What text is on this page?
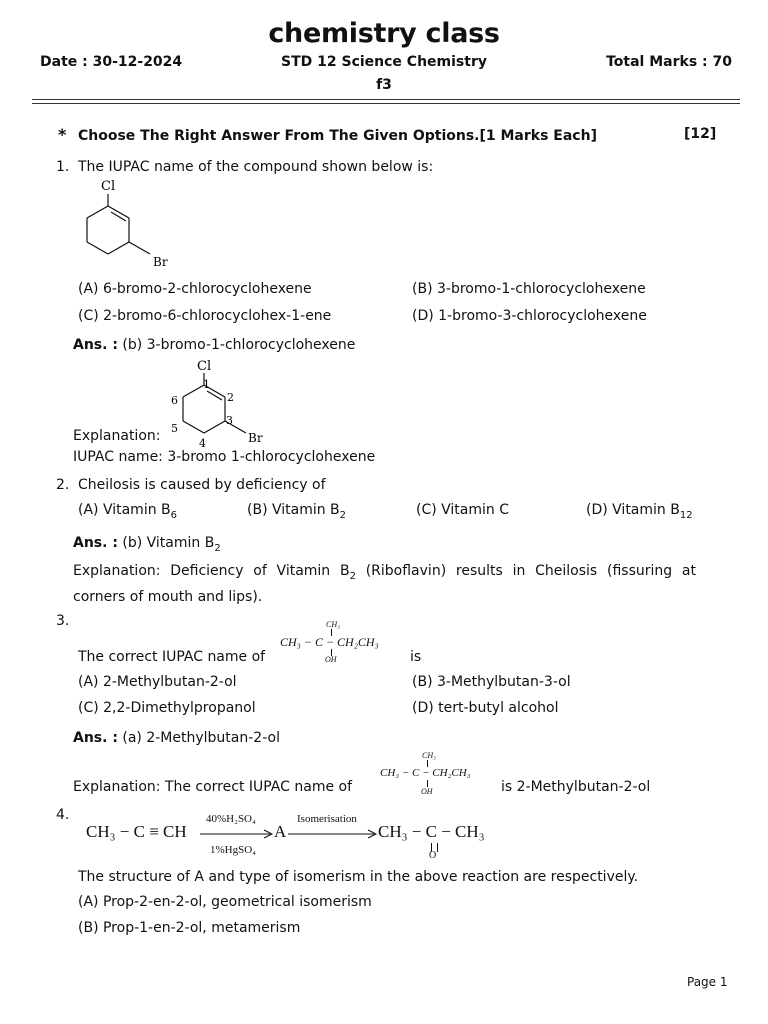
chemistry class
Date : 30-12-2024	STD 12 Science Chemistry	Total Marks : 70
f3
* Choose The Right Answer From The Given Options.[1 Marks Each]	[12]
1. The IUPAC name of the compound shown below is:
Cl
Br
(A) 6-bromo-2-chlorocyclohexene	(B) 3-bromo-1-chlorocyclohexene
(C) 2-bromo-6-chlorocyclohex-1-ene	(D) 1-bromo-3-chlorocyclohexene
Ans. : (b) 3-bromo-1-chlorocyclohexene
Cl
Br
1
2
3
4
5
6
Explanation:
IUPAC name: 3-bromo 1-chlorocyclohexene
2. Cheilosis is caused by deficiency of
(A) Vitamin $B_6$	(B) Vitamin $B_2$	(C) Vitamin C	(D) Vitamin $B_{12}$
Ans. : (b) Vitamin $B_2$
Explanation: Deficiency of Vitamin $B_2$ (Riboflavin) results in Cheilosis (fissuring at corners of mouth and lips).
3.
The correct IUPAC name of
CH₃
CH₃ − C − CH₂CH₃
OH	is
(A) 2-Methylbutan-2-ol	(B) 3-Methylbutan-3-ol
(C) 2,2-Dimethylpropanol	(D) tert-butyl alcohol
Ans. : (a) 2-Methylbutan-2-ol
Explanation: The correct IUPAC name of
CH₃
CH₃ − C − CH₂CH₃
OH	is 2-Methylbutan-2-ol
4.
CH₃ − C ≡ CH
40%H₂SO₄
1%HgSO₄
A
Isomerisation
CH₃ − C − CH₃
O
The structure of A and type of isomerism in the above reaction are respectively.
(A) Prop-2-en-2-ol, geometrical isomerism
(B) Prop-1-en-2-ol, metamerism
Page 1
